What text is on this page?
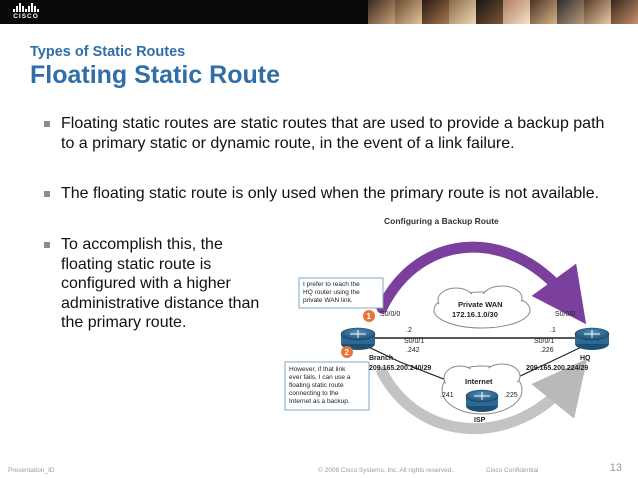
CISCO
Types of Static Routes
Floating Static Route
Floating static routes are static routes that are used to provide a backup path to a primary static or dynamic route, in the event of a link failure.
The floating static route is only used when the primary route is not available.
To accomplish this, the floating static route is configured with a higher administrative distance than the primary route.
Configuring a Backup Route
Private WAN
172.16.1.0/30
Internet
I prefer to reach the
HQ router using the
private WAN link.
However, if that link
ever fails, I can use a
floating static route
connecting to the
Internet as a backup.
1
2
S0/0/0
.2
S0/0/1
.242
Branch
209.165.200.240/29
S0/0/0
.1
S0/0/1
.226
HQ
209.165.200.224/29
.241	.225
ISP
Presentation_ID	© 2008 Cisco Systems, Inc. All rights reserved.	Cisco Confidential	13
